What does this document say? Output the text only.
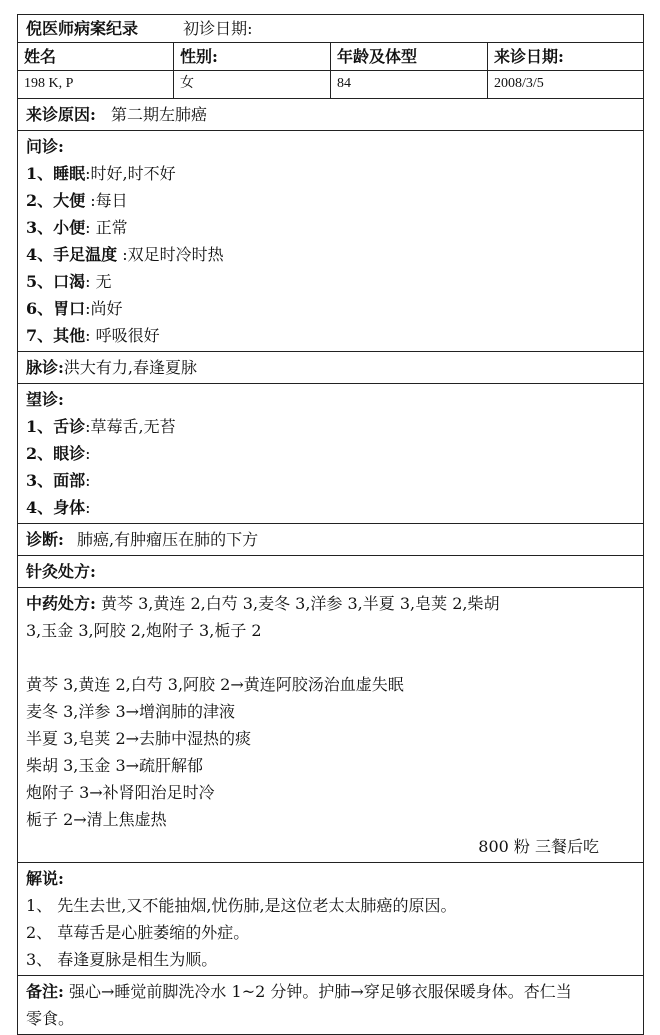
倪医师病案纪录	初诊日期:
姓名	性别:	年龄及体型	来诊日期:
198 K, P	女	84	2008/3/5
来诊原因: 第二期左肺癌
问诊:
1、睡眠:时好,时不好
2、大便 :每日
3、小便: 正常
4、手足温度 :双足时冷时热
5、口渴: 无
6、胃口:尚好
7、其他: 呼吸很好
脉诊:洪大有力,春逢夏脉
望诊:
1、舌诊:草莓舌,无苔
2、眼诊:
3、面部:
4、身体:
诊断: 肺癌,有肿瘤压在肺的下方
针灸处方:
中药处方: 黄芩 3,黄连 2,白芍 3,麦冬 3,洋参 3,半夏 3,皂荚 2,柴胡
3,玉金 3,阿胶 2,炮附子 3,栀子 2
黄芩 3,黄连 2,白芍 3,阿胶 2→黄连阿胶汤治血虚失眠
麦冬 3,洋参 3→增润肺的津液
半夏 3,皂荚 2→去肺中湿热的痰
柴胡 3,玉金 3→疏肝解郁
炮附子 3→补肾阳治足时冷
栀子 2→清上焦虚热
800 粉 三餐后吃
解说:
1、 先生去世,又不能抽烟,忧伤肺,是这位老太太肺癌的原因。
2、 草莓舌是心脏萎缩的外症。
3、 春逢夏脉是相生为顺。
备注: 强心→睡觉前脚洗冷水 1~2 分钟。护肺→穿足够衣服保暖身体。杏仁当
零食。
